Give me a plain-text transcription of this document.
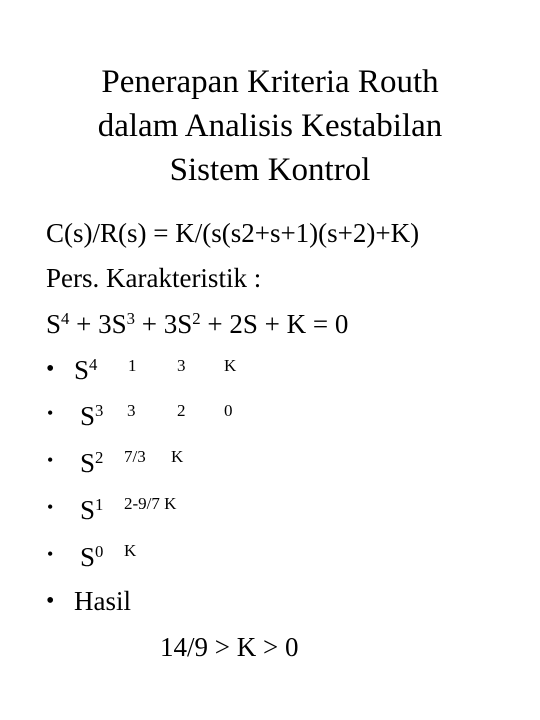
Penerapan Kriteria Routh
dalam Analisis Kestabilan
Sistem Kontrol
C(s)/R(s) = K/(s(s2+s+1)(s+2)+K)
Pers. Karakteristik :
$S^4 + 3S^3 + 3S^2 + 2S + K = 0$
• $S^4$ 1 3 K
• $S^3$ 3 2 0
• $S^2$ 7/3 K
• $S^1$ 2-9/7 K
• $S^0$ K
• Hasil
14/9 > K > 0
